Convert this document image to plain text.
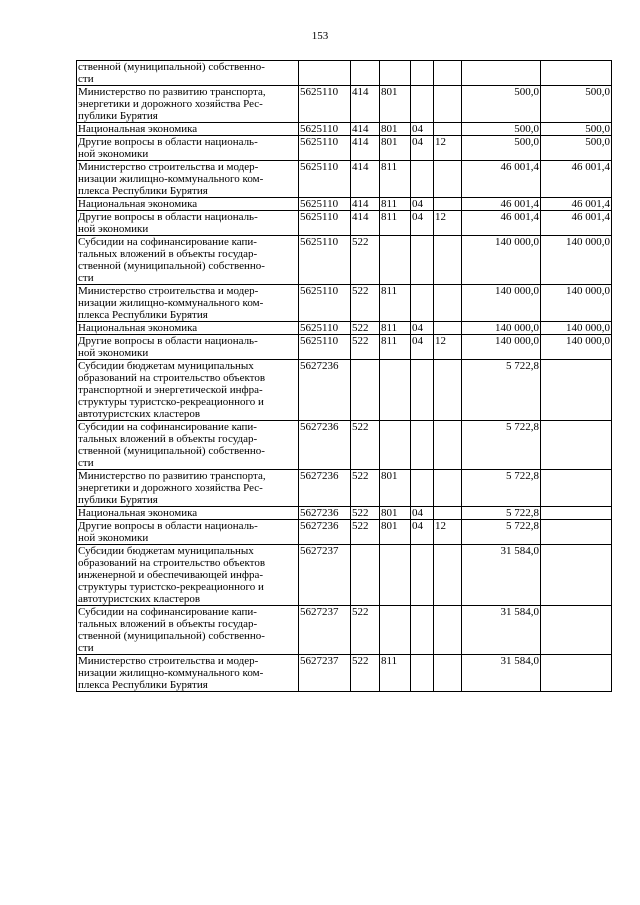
153
ственной (муниципальной) собственно-
сти							
Министерство по развитию транспорта,
энергетики и дорожного хозяйства Рес-
публики Бурятия	5625110	414	801			500,0	500,0
Национальная экономика	5625110	414	801	04		500,0	500,0
Другие вопросы в области националь-
ной экономики	5625110	414	801	04	12	500,0	500,0
Министерство строительства и модер-
низации жилищно-коммунального ком-
плекса Республики Бурятия	5625110	414	811			46 001,4	46 001,4
Национальная экономика	5625110	414	811	04		46 001,4	46 001,4
Другие вопросы в области националь-
ной экономики	5625110	414	811	04	12	46 001,4	46 001,4
Субсидии на софинансирование капи-
тальных вложений в объекты государ-
ственной (муниципальной) собственно-
сти	5625110	522				140 000,0	140 000,0
Министерство строительства и модер-
низации жилищно-коммунального ком-
плекса Республики Бурятия	5625110	522	811			140 000,0	140 000,0
Национальная экономика	5625110	522	811	04		140 000,0	140 000,0
Другие вопросы в области националь-
ной экономики	5625110	522	811	04	12	140 000,0	140 000,0
Субсидии бюджетам муниципальных
образований на строительство объектов
транспортной и энергетической инфра-
структуры туристско-рекреационного и
автотуристских кластеров	5627236					5 722,8	
Субсидии на софинансирование капи-
тальных вложений в объекты государ-
ственной (муниципальной) собственно-
сти	5627236	522				5 722,8	
Министерство по развитию транспорта,
энергетики и дорожного хозяйства Рес-
публики Бурятия	5627236	522	801			5 722,8	
Национальная экономика	5627236	522	801	04		5 722,8	
Другие вопросы в области националь-
ной экономики	5627236	522	801	04	12	5 722,8	
Субсидии бюджетам муниципальных
образований на строительство объектов
инженерной и обеспечивающей инфра-
структуры туристско-рекреационного и
автотуристских кластеров	5627237					31 584,0	
Субсидии на софинансирование капи-
тальных вложений в объекты государ-
ственной (муниципальной) собственно-
сти	5627237	522				31 584,0	
Министерство строительства и модер-
низации жилищно-коммунального ком-
плекса Республики Бурятия	5627237	522	811			31 584,0	
